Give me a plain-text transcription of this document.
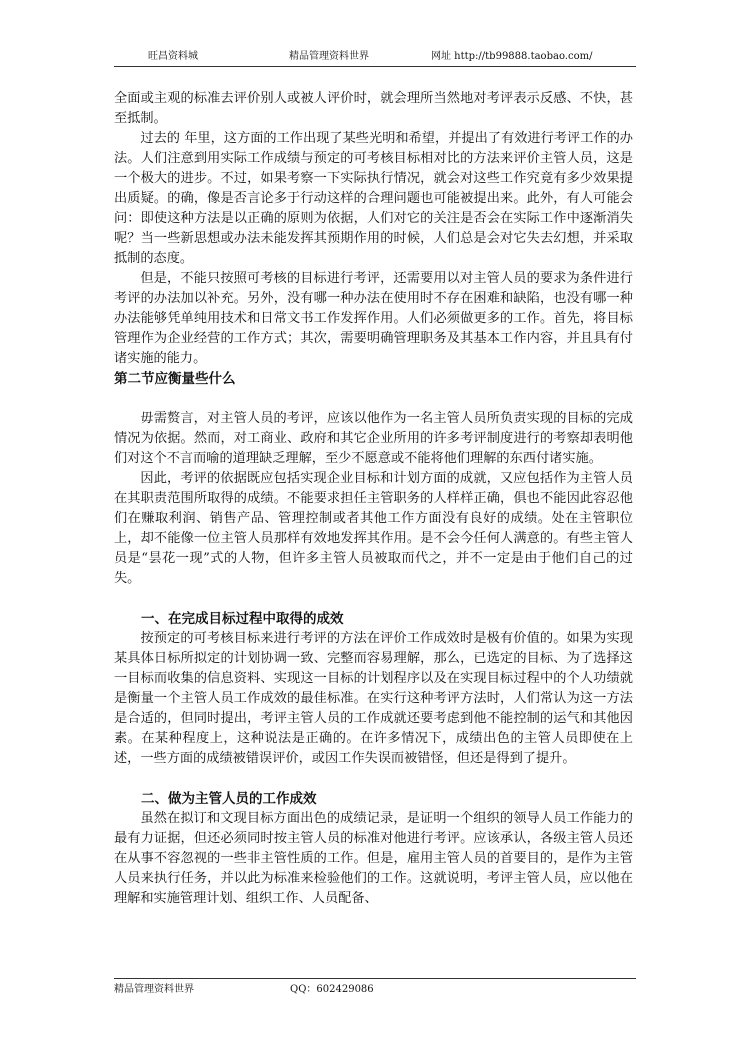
旺昌资料城	精品管理资料世界	网址 http://tb99888.taobao.com/

全面或主观的标准去评价别人或被人评价时，就会理所当然地对考评表示反感、不快，甚至抵制。

过去的 年里，这方面的工作出现了某些光明和希望，并提出了有效进行考评工作的办法。人们注意到用实际工作成绩与预定的可考核目标相对比的方法来评价主管人员，这是一个极大的进步。不过，如果考察一下实际执行情况，就会对这些工作究竟有多少效果提出质疑。的确，像是否言论多于行动这样的合理问题也可能被提出来。此外，有人可能会问：即使这种方法是以正确的原则为依据，人们对它的关注是否会在实际工作中逐渐消失呢？当一些新思想或办法未能发挥其预期作用的时候，人们总是会对它失去幻想，并采取抵制的态度。

但是，不能只按照可考核的目标进行考评，还需要用以对主管人员的要求为条件进行考评的办法加以补充。另外，没有哪一种办法在使用时不存在困难和缺陷，也没有哪一种办法能够凭单纯用技术和日常文书工作发挥作用。人们必须做更多的工作。首先，将目标管理作为企业经营的工作方式；其次，需要明确管理职务及其基本工作内容，并且具有付诸实施的能力。

第二节应衡量些什么

毋需赘言，对主管人员的考评，应该以他作为一名主管人员所负责实现的目标的完成情况为依据。然而，对工商业、政府和其它企业所用的许多考评制度进行的考察却表明他们对这个不言而喻的道理缺乏理解，至少不愿意或不能将他们理解的东西付诸实施。

因此，考评的依据既应包括实现企业目标和计划方面的成就，又应包括作为主管人员在其职责范围所取得的成绩。不能要求担任主管职务的人样样正确，俱也不能因此容忍他们在赚取利润、销售产品、管理控制或者其他工作方面没有良好的成绩。处在主管职位上，却不能像一位主管人员那样有效地发挥其作用。是不会今任何人满意的。有些主管人员是“昙花一现”式的人物，但许多主管人员被取而代之，并不一定是由于他们自己的过失。

一、在完成目标过程中取得的成效

按预定的可考核目标来进行考评的方法在评价工作成效时是极有价值的。如果为实现某具体日标所拟定的计划协调一致、完整而容易理解，那么，已选定的目标、为了选择这一目标而收集的信息资料、实现这一目标的计划程序以及在实现目标过程中的个人功绩就是衡量一个主管人员工作成效的最佳标准。在实行这种考评方法时，人们常认为这一方法是合适的，但同时提出，考评主管人员的工作成就还要考虑到他不能控制的运气和其他因素。在某种程度上，这种说法是正确的。在许多情况下，成绩出色的主管人员即使在上述，一些方面的成绩被错误评价，或因工作失误而被错怪，但还是得到了提升。

二、做为主管人员的工作成效

虽然在拟订和文现目标方面出色的成绩记录，是证明一个组织的领导人员工作能力的最有力证据，但还必须同时按主管人员的标准对他进行考评。应该承认，各级主管人员还在从事不容忽视的一些非主管性质的工作。但是，雇用主管人员的首要目的，是作为主管人员来执行任务，并以此为标准来检验他们的工作。这就说明，考评主管人员，应以他在理解和实施管理计划、组织工作、人员配备、

精品管理资料世界	QQ：602429086
